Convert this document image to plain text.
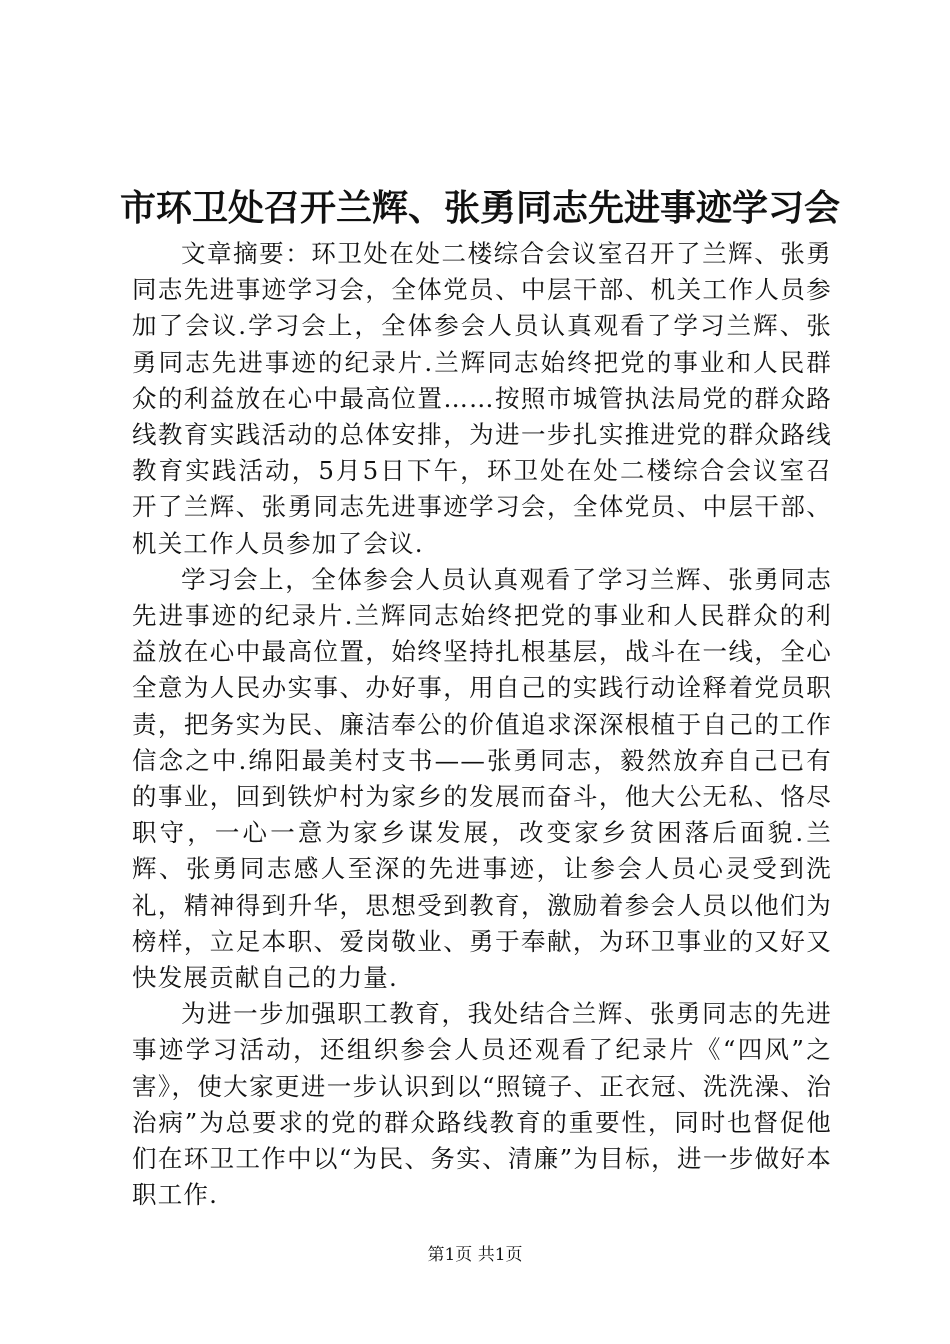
市环卫处召开兰辉、张勇同志先进事迹学习会

文章摘要：环卫处在处二楼综合会议室召开了兰辉、张勇同志先进事迹学习会，全体党员、中层干部、机关工作人员参加了会议.学习会上，全体参会人员认真观看了学习兰辉、张勇同志先进事迹的纪录片.兰辉同志始终把党的事业和人民群众的利益放在心中最高位置……按照市城管执法局党的群众路线教育实践活动的总体安排，为进一步扎实推进党的群众路线教育实践活动，5月5日下午，环卫处在处二楼综合会议室召开了兰辉、张勇同志先进事迹学习会，全体党员、中层干部、机关工作人员参加了会议.

学习会上，全体参会人员认真观看了学习兰辉、张勇同志先进事迹的纪录片.兰辉同志始终把党的事业和人民群众的利益放在心中最高位置，始终坚持扎根基层，战斗在一线，全心全意为人民办实事、办好事，用自己的实践行动诠释着党员职责，把务实为民、廉洁奉公的价值追求深深根植于自己的工作信念之中.绵阳最美村支书——张勇同志，毅然放弃自己已有的事业，回到铁炉村为家乡的发展而奋斗，他大公无私、恪尽职守，一心一意为家乡谋发展，改变家乡贫困落后面貌.兰辉、张勇同志感人至深的先进事迹，让参会人员心灵受到洗礼，精神得到升华，思想受到教育，激励着参会人员以他们为榜样，立足本职、爱岗敬业、勇于奉献，为环卫事业的又好又快发展贡献自己的力量.

为进一步加强职工教育，我处结合兰辉、张勇同志的先进事迹学习活动，还组织参会人员还观看了纪录片《“四风”之害》，使大家更进一步认识到以“照镜子、正衣冠、洗洗澡、治治病”为总要求的党的群众路线教育的重要性，同时也督促他们在环卫工作中以“为民、务实、清廉”为目标，进一步做好本职工作.

第1页 共1页
